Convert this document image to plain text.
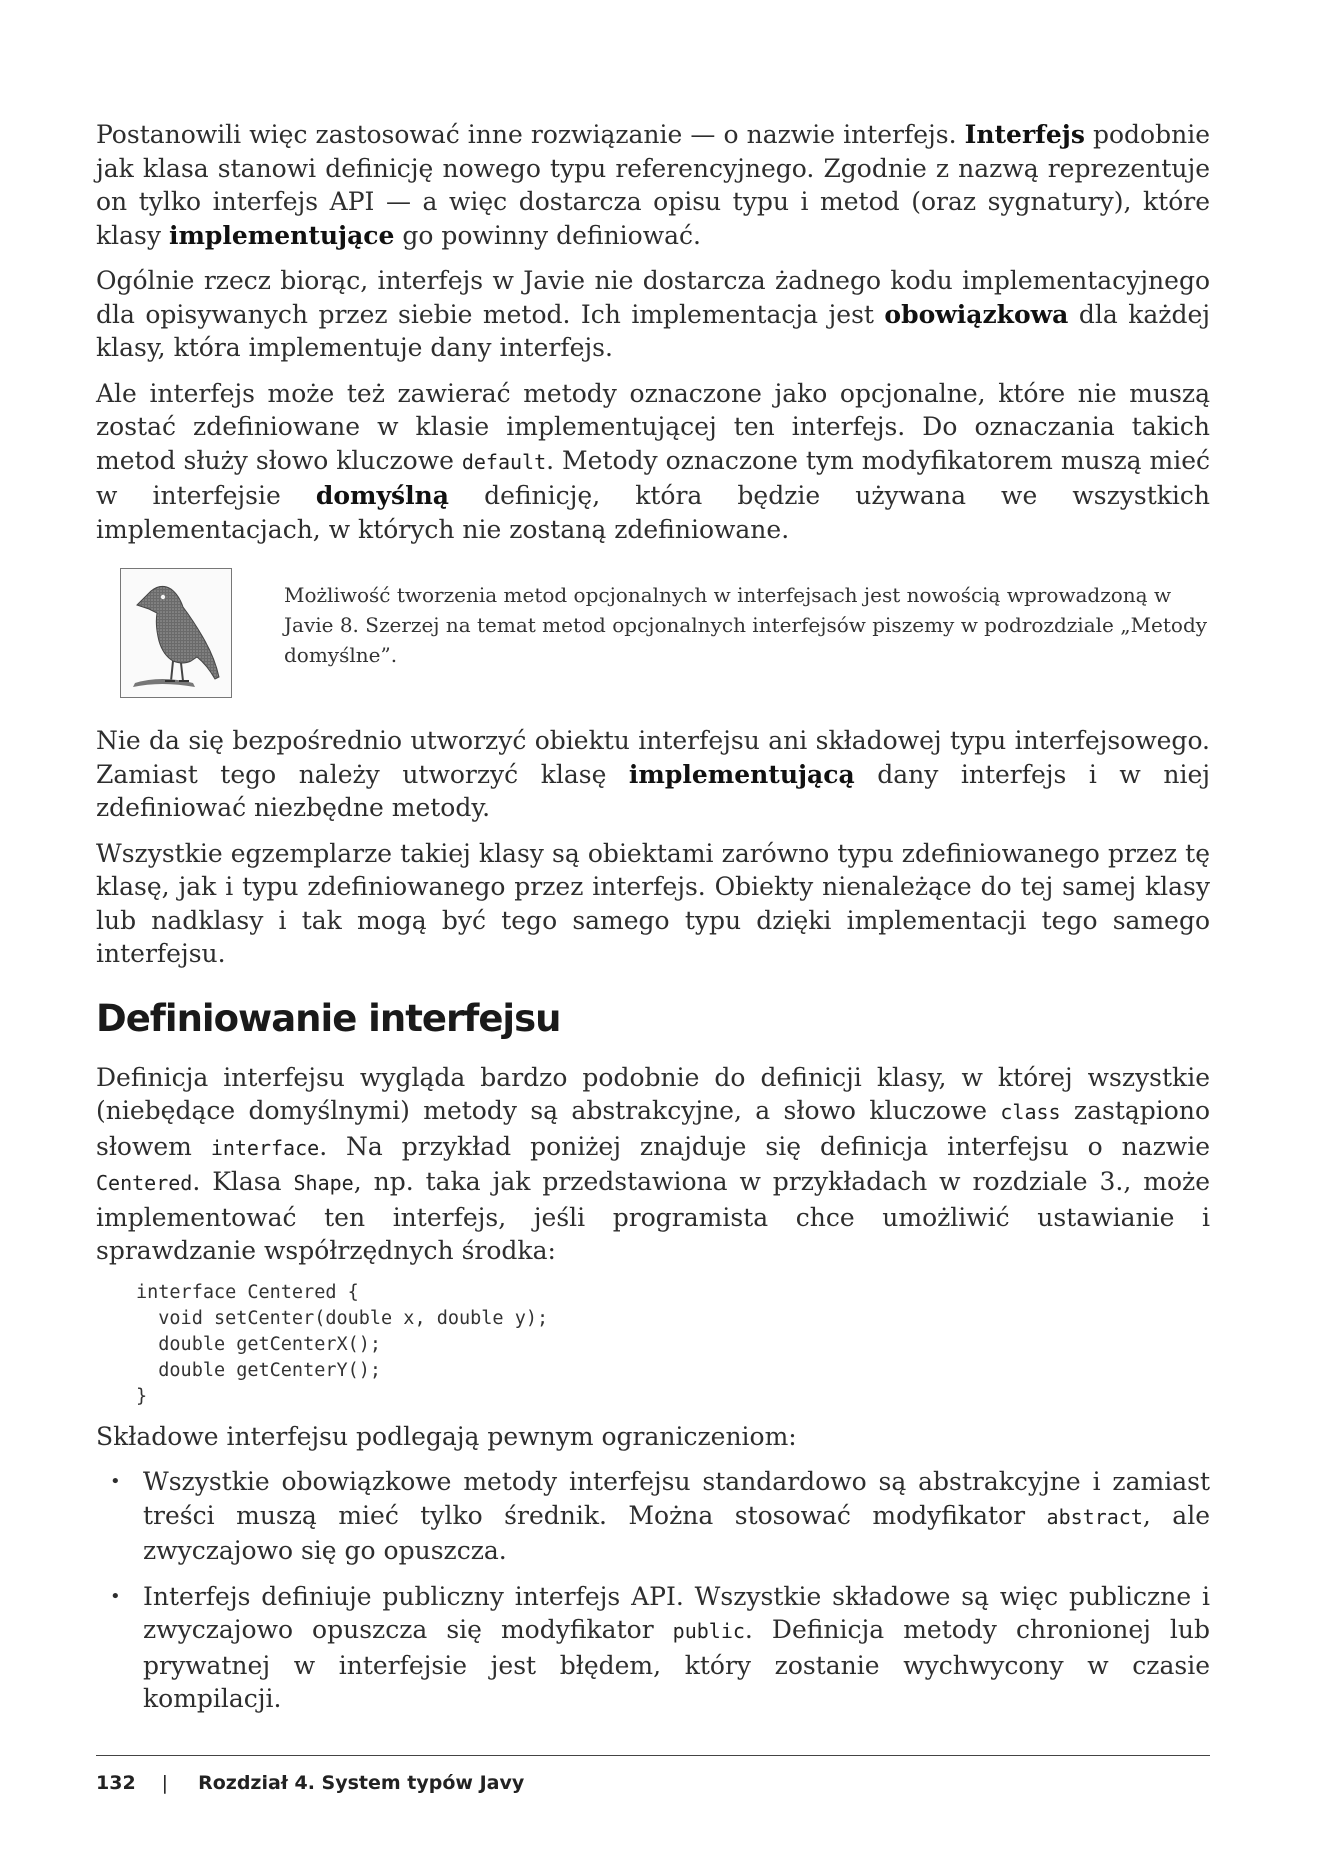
Postanowili więc zastosować inne rozwiązanie — o nazwie interfejs. Interfejs podobnie jak klasa stanowi definicję nowego typu referencyjnego. Zgodnie z nazwą reprezentuje on tylko interfejs API — a więc dostarcza opisu typu i metod (oraz sygnatury), które klasy implementujące go powinny definiować.

Ogólnie rzecz biorąc, interfejs w Javie nie dostarcza żadnego kodu implementacyjnego dla opisywanych przez siebie metod. Ich implementacja jest obowiązkowa dla każdej klasy, która implementuje dany interfejs.

Ale interfejs może też zawierać metody oznaczone jako opcjonalne, które nie muszą zostać zdefiniowane w klasie implementującej ten interfejs. Do oznaczania takich metod służy słowo kluczowe default. Metody oznaczone tym modyfikatorem muszą mieć w interfejsie domyślną definicję, która będzie używana we wszystkich implementacjach, w których nie zostaną zdefiniowane.

Możliwość tworzenia metod opcjonalnych w interfejsach jest nowością wprowadzoną w Javie 8. Szerzej na temat metod opcjonalnych interfejsów piszemy w podrozdziale „Metody domyślne”.

Nie da się bezpośrednio utworzyć obiektu interfejsu ani składowej typu interfejsowego. Zamiast tego należy utworzyć klasę implementującą dany interfejs i w niej zdefiniować niezbędne metody.

Wszystkie egzemplarze takiej klasy są obiektami zarówno typu zdefiniowanego przez tę klasę, jak i typu zdefiniowanego przez interfejs. Obiekty nienależące do tej samej klasy lub nadklasy i tak mogą być tego samego typu dzięki implementacji tego samego interfejsu.

Definiowanie interfejsu

Definicja interfejsu wygląda bardzo podobnie do definicji klasy, w której wszystkie (niebędące domyślnymi) metody są abstrakcyjne, a słowo kluczowe class zastąpiono słowem interface. Na przykład poniżej znajduje się definicja interfejsu o nazwie Centered. Klasa Shape, np. taka jak przedstawiona w przykładach w rozdziale 3., może implementować ten interfejs, jeśli programista chce umożliwić ustawianie i sprawdzanie współrzędnych środka:

interface Centered {
void setCenter(double x, double y);
double getCenterX();
double getCenterY();
}

Składowe interfejsu podlegają pewnym ograniczeniom:

• Wszystkie obowiązkowe metody interfejsu standardowo są abstrakcyjne i zamiast treści muszą mieć tylko średnik. Można stosować modyfikator abstract, ale zwyczajowo się go opuszcza.
• Interfejs definiuje publiczny interfejs API. Wszystkie składowe są więc publiczne i zwyczajowo opuszcza się modyfikator public. Definicja metody chronionej lub prywatnej w interfejsie jest błędem, który zostanie wychwycony w czasie kompilacji.
132 | Rozdział 4. System typów Javy
